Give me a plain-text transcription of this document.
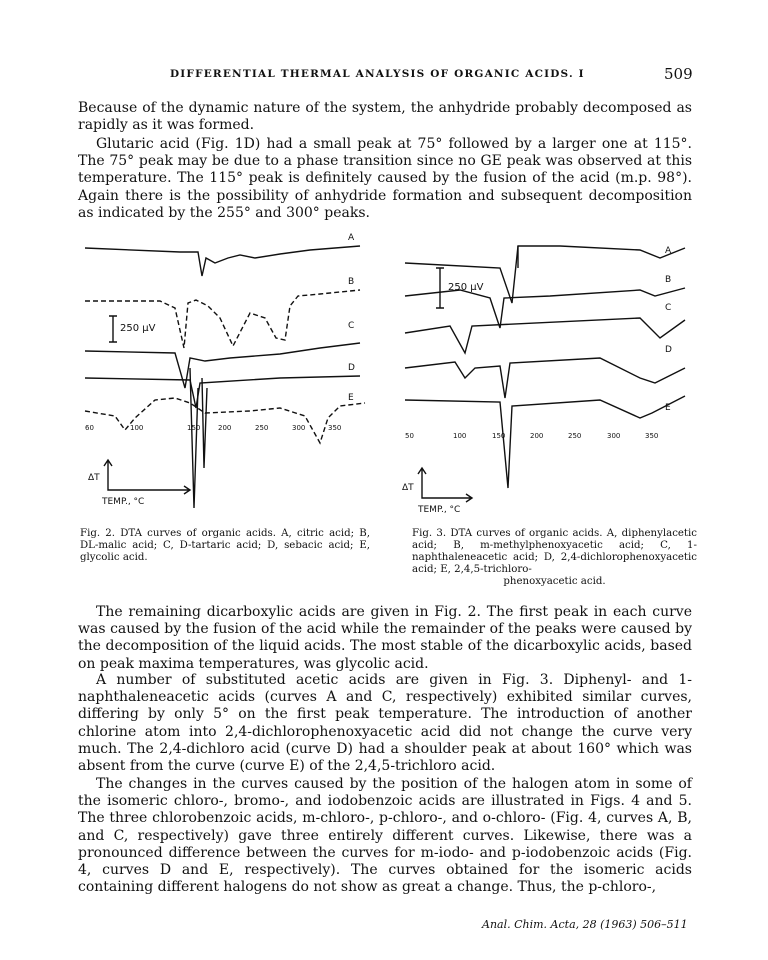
DIFFERENTIAL THERMAL ANALYSIS OF ORGANIC ACIDS. I	509

Because of the dynamic nature of the system, the anhydride probably decomposed as rapidly as it was formed.

Glutaric acid (Fig. 1D) had a small peak at 75° followed by a larger one at 115°. The 75° peak may be due to a phase transition since no GE peak was observed at this temperature. The 115° peak is definitely caused by the fusion of the acid (m.p. 98°). Again there is the possibility of anhydride formation and subsequent decomposition as indicated by the 255° and 300° peaks.

A
B
C
D
E
250 µV
60	100	150	200	250	300	350
ΔT
TEMP., °C
A
B
C
D
E
250 µV
50	100	150	200	250	300	350
ΔT
TEMP., °C

Fig. 2. DTA curves of organic acids. A, citric acid; B, DL-malic acid; C, D-tartaric acid; D, sebacic acid; E, glycolic acid.

Fig. 3. DTA curves of organic acids. A, diphenylacetic acid; B, m-methylphenoxyacetic acid; C, 1-naphthaleneacetic acid; D, 2,4-dichlorophenoxyacetic acid; E, 2,4,5-trichloro-
phenoxyacetic acid.

The remaining dicarboxylic acids are given in Fig. 2. The first peak in each curve was caused by the fusion of the acid while the remainder of the peaks were caused by the decomposition of the liquid acids. The most stable of the dicarboxylic acids, based on peak maxima temperatures, was glycolic acid.

A number of substituted acetic acids are given in Fig. 3. Diphenyl- and 1-naphthaleneacetic acids (curves A and C, respectively) exhibited similar curves, differing by only 5° on the first peak temperature. The introduction of another chlorine atom into 2,4-dichlorophenoxyacetic acid did not change the curve very much. The 2,4-dichloro acid (curve D) had a shoulder peak at about 160° which was absent from the curve (curve E) of the 2,4,5-trichloro acid.

The changes in the curves caused by the position of the halogen atom in some of the isomeric chloro-, bromo-, and iodobenzoic acids are illustrated in Figs. 4 and 5. The three chlorobenzoic acids, m-chloro-, p-chloro-, and o-chloro- (Fig. 4, curves A, B, and C, respectively) gave three entirely different curves. Likewise, there was a pronounced difference between the curves for m-iodo- and p-iodobenzoic acids (Fig. 4, curves D and E, respectively). The curves obtained for the isomeric acids containing different halogens do not show as great a change. Thus, the p-chloro-,

Anal. Chim. Acta, 28 (1963) 506–511
